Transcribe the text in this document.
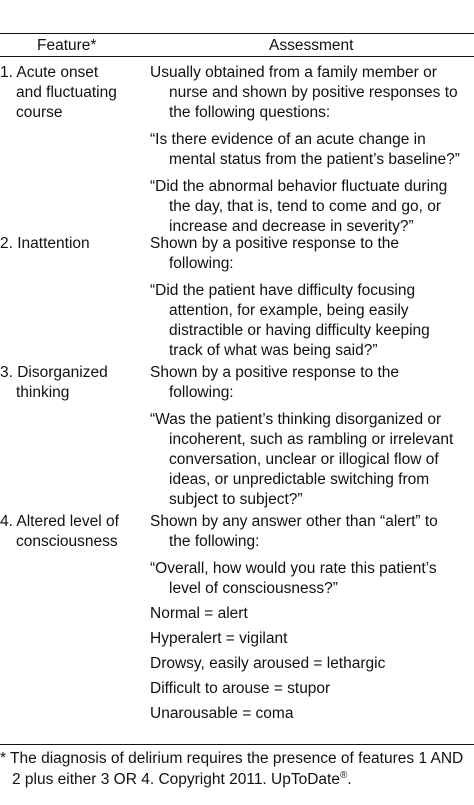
Feature*	Assessment
1. Acute onset
and fluctuating
course
Usually obtained from a family member or
nurse and shown by positive responses to
the following questions:
“Is there evidence of an acute change in
mental status from the patient’s baseline?”
“Did the abnormal behavior fluctuate during
the day, that is, tend to come and go, or
increase and decrease in severity?”
2. Inattention	Shown by a positive response to the
following:
“Did the patient have difficulty focusing
attention, for example, being easily
distractible or having difficulty keeping
track of what was being said?”
3. Disorganized
thinking
Shown by a positive response to the
following:
“Was the patient’s thinking disorganized or
incoherent, such as rambling or irrelevant
conversation, unclear or illogical flow of
ideas, or unpredictable switching from
subject to subject?”
4. Altered level of
consciousness
Shown by any answer other than “alert” to
the following:
“Overall, how would you rate this patient’s
level of consciousness?”
Normal = alert
Hyperalert = vigilant
Drowsy, easily aroused = lethargic
Difficult to arouse = stupor
Unarousable = coma
* The diagnosis of delirium requires the presence of features 1 AND
2 plus either 3 OR 4. Copyright 2011. UpToDate®.
